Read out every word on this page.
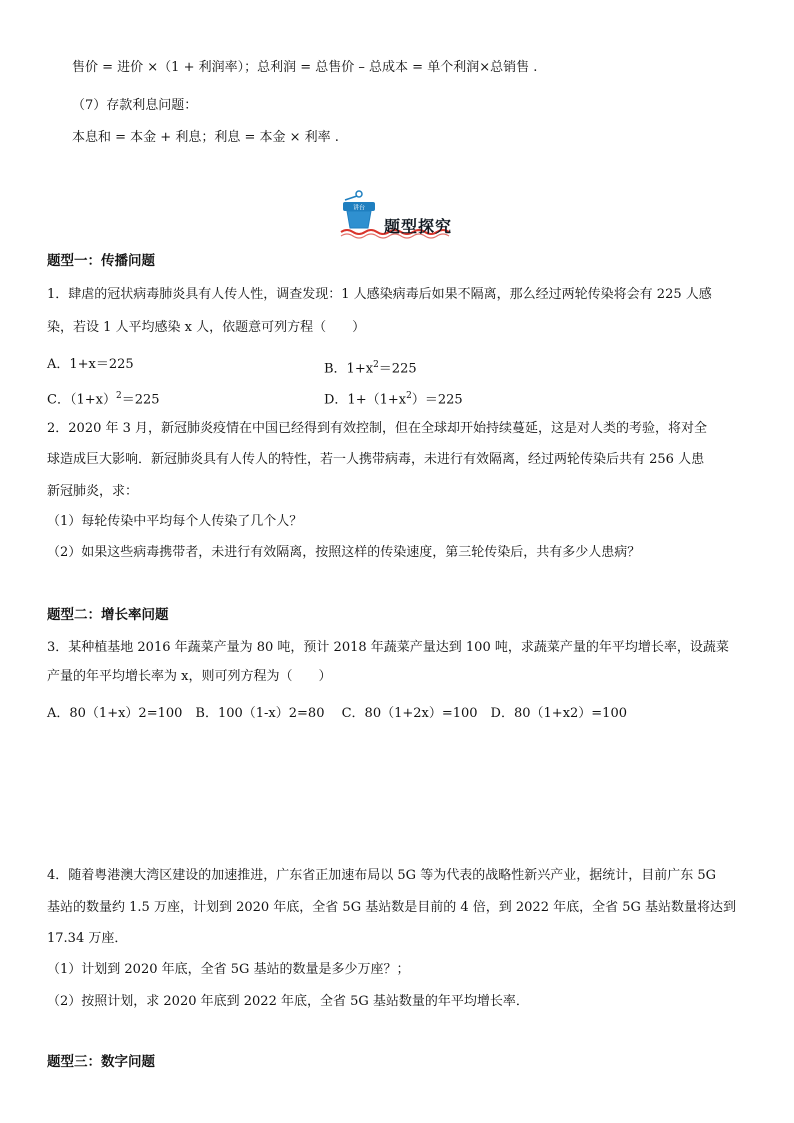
售价 = 进价 ×（1 + 利润率）；总利润 = 总售价 – 总成本 = 单个利润×总销售 .
（7）存款利息问题：
本息和 = 本金 + 利息；利息 = 本金 × 利率 .
讲台
题型探究
题型一：传播问题
1．肆虐的冠状病毒肺炎具有人传人性，调查发现：1 人感染病毒后如果不隔离，那么经过两轮传染将会有 225 人感
染，若设 1 人平均感染 x 人，依题意可列方程（　　）
A．1+x＝225	B．$1+x^2=225$
C．$(1+x)^2=225$	D．$1+(1+x^2)=225$
2．2020 年 3 月，新冠肺炎疫情在中国已经得到有效控制，但在全球却开始持续蔓延，这是对人类的考验，将对全
球造成巨大影响．新冠肺炎具有人传人的特性，若一人携带病毒，未进行有效隔离，经过两轮传染后共有 256 人患
新冠肺炎，求：
（1）每轮传染中平均每个人传染了几个人？
（2）如果这些病毒携带者，未进行有效隔离，按照这样的传染速度，第三轮传染后，共有多少人患病？
题型二：增长率问题
3．某种植基地 2016 年蔬菜产量为 80 吨，预计 2018 年蔬菜产量达到 100 吨，求蔬菜产量的年平均增长率，设蔬菜
产量的年平均增长率为 x，则可列方程为（　　）
A．80（1+x）2=100　B．100（1-x）2=80　 C．80（1+2x）=100　D．80（1+x2）=100
4．随着粤港澳大湾区建设的加速推进，广东省正加速布局以 5G 等为代表的战略性新兴产业，据统计，目前广东 5G
基站的数量约 1.5 万座，计划到 2020 年底，全省 5G 基站数是目前的 4 倍，到 2022 年底，全省 5G 基站数量将达到
17.34 万座．
（1）计划到 2020 年底，全省 5G 基站的数量是多少万座？；
（2）按照计划，求 2020 年底到 2022 年底，全省 5G 基站数量的年平均增长率．
题型三：数字问题
